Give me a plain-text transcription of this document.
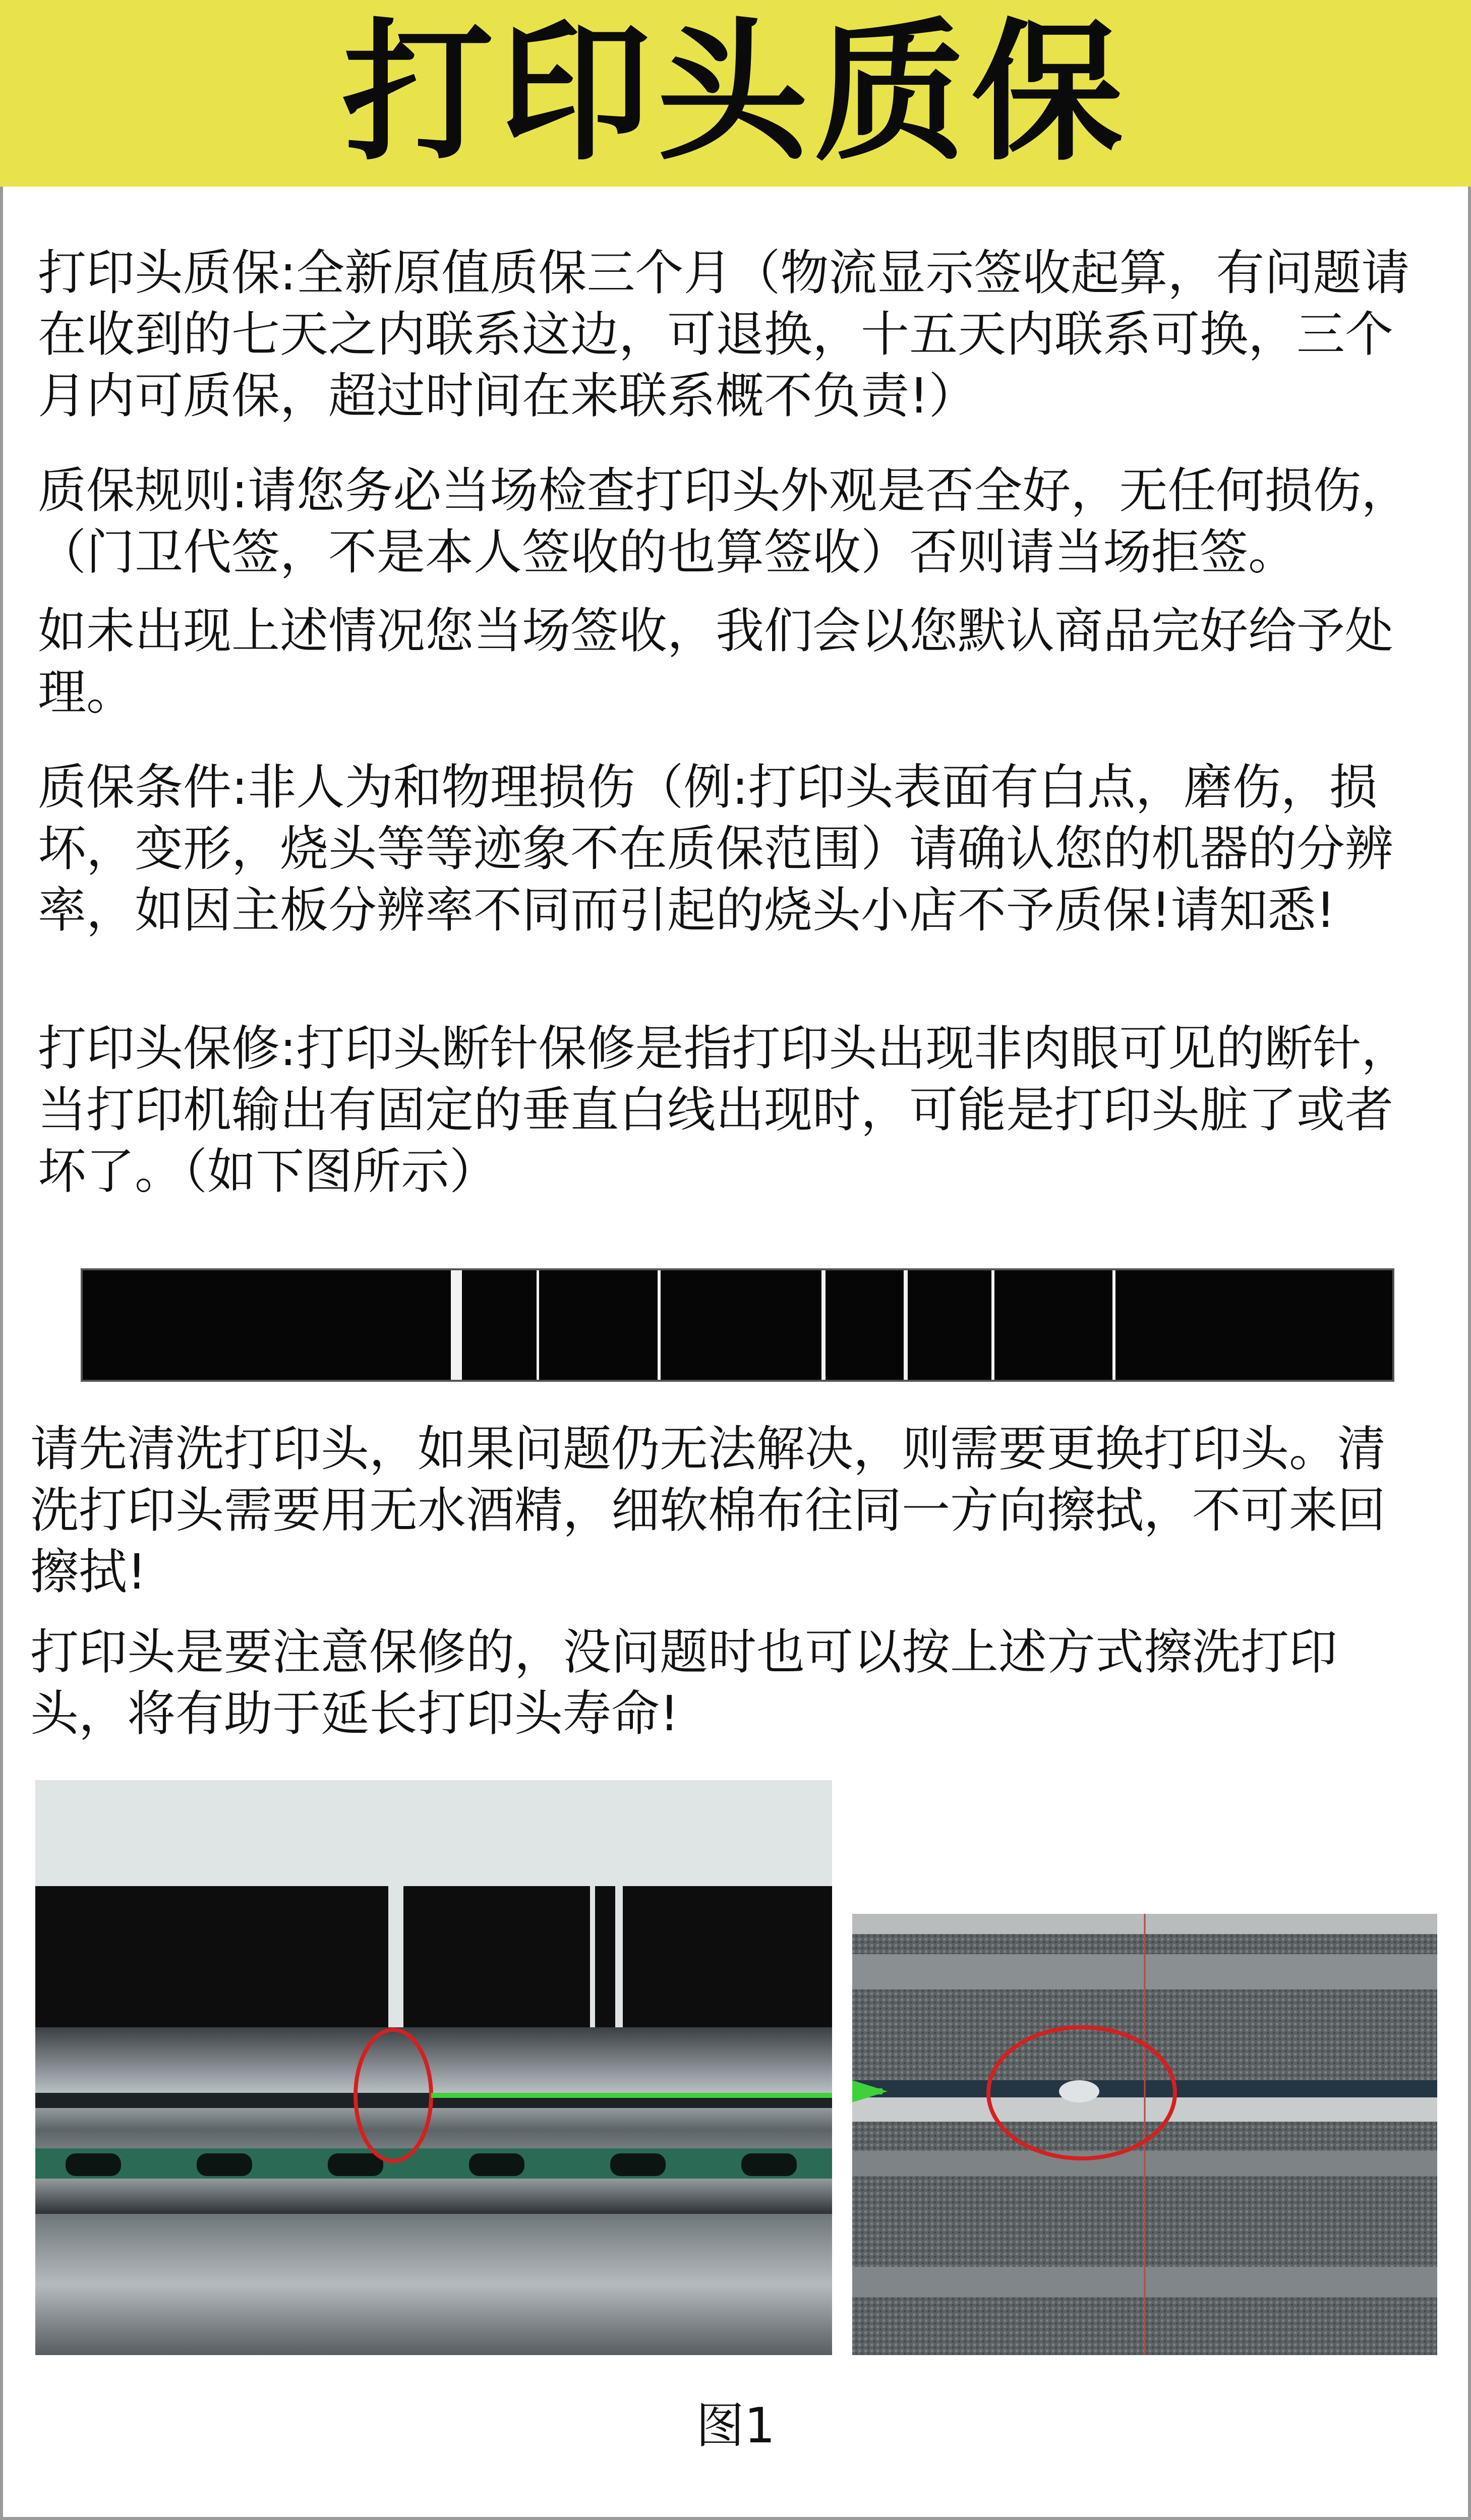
打印头质保

打印头质保:全新原值质保三个月（物流显示签收起算，有问题请在收到的七天之内联系这边，可退换，十五天内联系可换，三个月内可质保，超过时间在来联系概不负责!）

质保规则:请您务必当场检查打印头外观是否全好，无任何损伤，（门卫代签，不是本人签收的也算签收）否则请当场拒签。

如未出现上述情况您当场签收，我们会以您默认商品完好给予处理。

质保条件:非人为和物理损伤（例:打印头表面有白点，磨伤，损坏，变形，烧头等等迹象不在质保范围）请确认您的机器的分辨率，如因主板分辨率不同而引起的烧头小店不予质保!请知悉!

打印头保修:打印头断针保修是指打印头出现非肉眼可见的断针，当打印机输出有固定的垂直白线出现时，可能是打印头脏了或者坏了。（如下图所示）

请先清洗打印头，如果问题仍无法解决，则需要更换打印头。清洗打印头需要用无水酒精，细软棉布往同一方向擦拭，不可来回擦拭!

打印头是要注意保修的，没问题时也可以按上述方式擦洗打印头，将有助于延长打印头寿命!

图1
